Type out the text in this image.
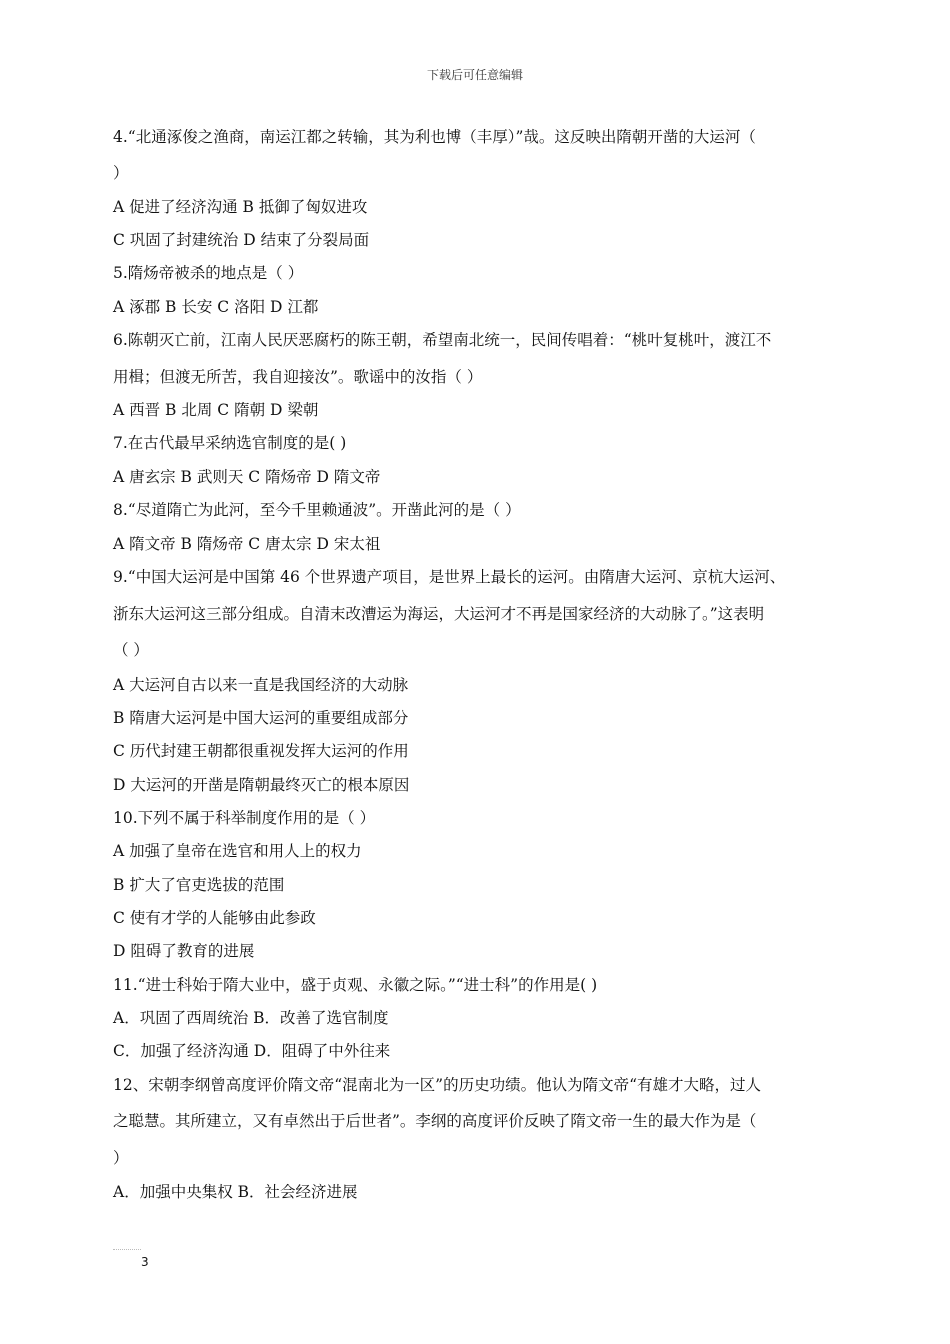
下载后可任意编辑
4.“北通涿俊之渔商，南运江都之转输，其为利也博（丰厚）”哉。这反映出隋朝开凿的大运河（
）
A 促进了经济沟通 B 抵御了匈奴进攻
C 巩固了封建统治 D 结束了分裂局面
5.隋炀帝被杀的地点是（ ）
A 涿郡 B 长安 C 洛阳 D 江都
6.陈朝灭亡前，江南人民厌恶腐朽的陈王朝，希望南北统一，民间传唱着：“桃叶复桃叶，渡江不
用楫；但渡无所苦，我自迎接汝”。歌谣中的汝指（ ）
A 西晋 B 北周 C 隋朝 D 梁朝
7.在古代最早采纳选官制度的是( )
A 唐玄宗 B 武则天 C 隋炀帝 D 隋文帝
8.“尽道隋亡为此河，至今千里赖通波”。开凿此河的是（ ）
A 隋文帝 B 隋炀帝 C 唐太宗 D 宋太祖
9.“中国大运河是中国第 46 个世界遗产项目，是世界上最长的运河。由隋唐大运河、京杭大运河、
浙东大运河这三部分组成。自清末改漕运为海运，大运河才不再是国家经济的大动脉了。”这表明
（ ）
A 大运河自古以来一直是我国经济的大动脉
B 隋唐大运河是中国大运河的重要组成部分
C 历代封建王朝都很重视发挥大运河的作用
D 大运河的开凿是隋朝最终灭亡的根本原因
10.下列不属于科举制度作用的是（ ）
A 加强了皇帝在选官和用人上的权力
B 扩大了官吏选拔的范围
C 使有才学的人能够由此参政
D 阻碍了教育的进展
11.“进士科始于隋大业中，盛于贞观、永徽之际。”“进士科”的作用是( )
A．巩固了西周统治 B．改善了选官制度
C．加强了经济沟通 D．阻碍了中外往来
12、宋朝李纲曾高度评价隋文帝“混南北为一区”的历史功绩。他认为隋文帝“有雄才大略，过人
之聪慧。其所建立，又有卓然出于后世者”。李纲的高度评价反映了隋文帝一生的最大作为是（
）
A．加强中央集权 B．社会经济进展
3
